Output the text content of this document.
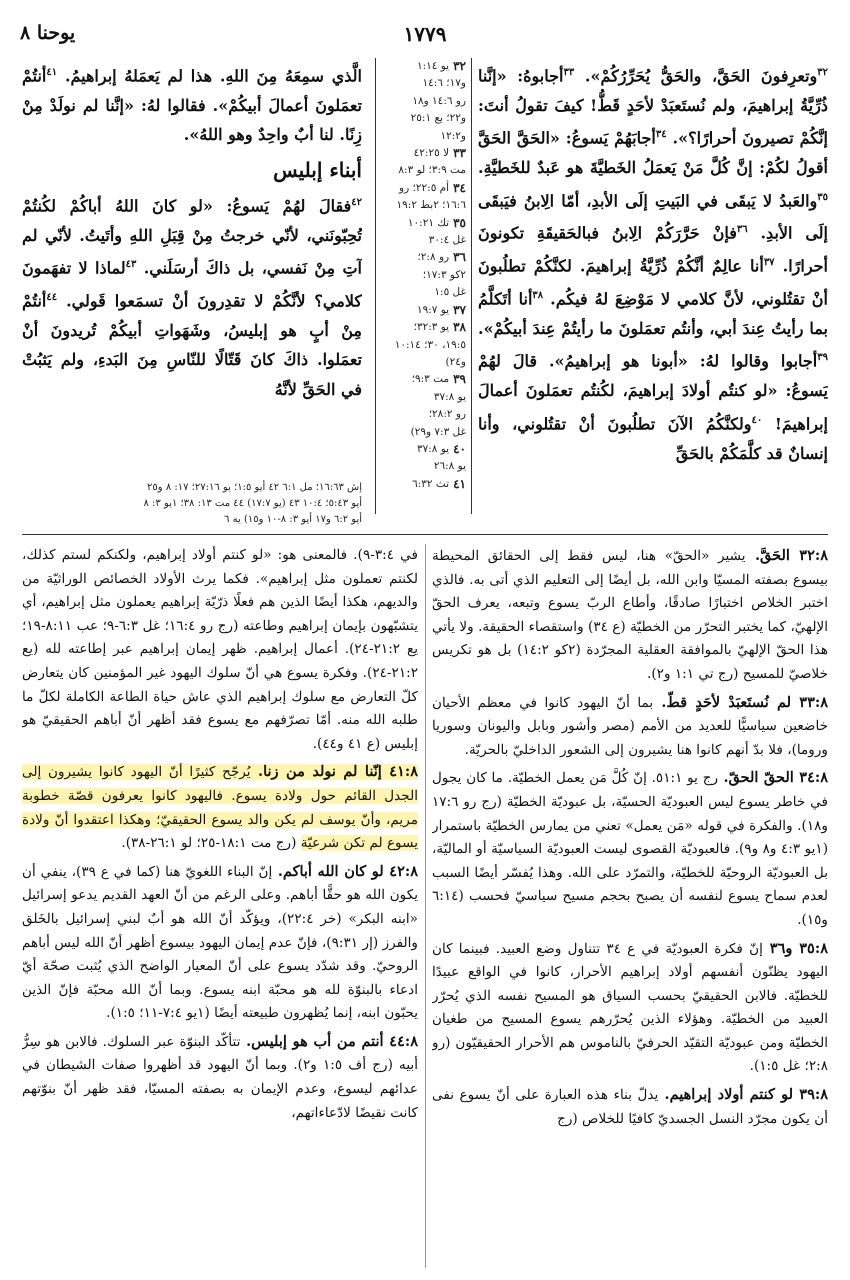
١٧٧٩
يوحنا ٨

$^{٣٢}$وتعرِفونَ الحَقَّ، والحَقُّ يُحَرِّرُكُمْ». $^{٣٣}$أجابوهُ: «إنَّنا ذُرِّيَّةُ إبراهيمَ، ولم نُستَعبَدْ لأحَدٍ قَطُّ! كيفَ تقولُ أنتَ: إنَّكُمْ تصيرونَ أحرارًا؟». $^{٣٤}$أجابَهُمْ يَسوعُ: «الحَقَّ الحَقَّ أقولُ لكُمْ: إنَّ كُلَّ مَنْ يَعمَلُ الخَطيَّةَ هو عَبدٌ للخَطيَّةِ. $^{٣٥}$والعَبدُ لا يَبقَى في البَيتِ إلَى الأبدِ، أمّا الِابنُ فيَبقَى إلَى الأبدِ. $^{٣٦}$فإنْ حَرَّرَكُمْ الِابنُ فبالحَقيقَةِ تكونونَ أحرارًا. $^{٣٧}$أنا عالِمٌ أنَّكُمْ ذُرِّيَّةُ إبراهيمَ. لكنَّكُمْ تطلُبونَ أنْ تقتُلوني، لأنَّ كلامي لا مَوْضِعَ لهُ فيكُم. $^{٣٨}$أنا أتَكلَّمُ بما رأيتُ عِندَ أبي، وأنتُم تعمَلونَ ما رأيتُمْ عِندَ أبيكُمْ». $^{٣٩}$أجابوا وقالوا لهُ: «أبونا هو إبراهيمُ». قالَ لهُمْ يَسوعُ: «لو كنتُم أولادَ إبراهيمَ، لكُنتُم تعمَلونَ أعمالَ إبراهيمَ! $^{٤٠}$ولكنَّكُمُ الآنَ تطلُبونَ أنْ تقتُلوني، وأنا إنسانٌ قد كلَّمَكُمْ بالحَقِّ

٣٢
يو ١:١٤
و١٧؛ ١٤:٦
رو ١٤:٦ و١٨
و٢٢؛ يع ٢٥:١
و١٢:٢
٣٣
لا ٤٢:٢٥
مت ٣:٩؛ لو ٨:٣
٣٤
أم ٢٢:٥؛ رو
١٦:٦؛ ٢بط ١٩:٢
٣٥
تك ١٠:٢١
غل ٣٠:٤
٣٦
رو ٢:٨؛
٢كو ١٧:٣؛
غل ١:٥
٣٧
يو ١٩:٧
٣٨
يو ٣٢:٣؛
١٩:٥، ٣٠؛ ١٠:١٤
و٢٤)
٣٩
مت ٩:٣؛
يو ٣٧:٨
رو ٢٨:٢؛
غل ٧:٣ و٢٩)
٤٠
يو ٣٧:٨
يو ٢٦:٨
٤١
تث ٦:٣٢

الَّذي سمِعَهُ مِنَ اللهِ. هذا لم يَعمَلهُ إبراهيمُ. $^{٤١}$أنتُمْ تعمَلونَ أعمالَ أبيكُمْ». فقالوا لهُ: «إنَّنا لم نولَدْ مِنْ زِنًا. لنا أبٌ واحِدٌ وهو اللهُ».

أبناء إبليس

$^{٤٢}$فقالَ لهُمْ يَسوعُ: «لو كانَ اللهُ أباكُمْ لكُنتُمْ تُحِبّونَني، لأنّي خرجتُ مِنْ قِبَلِ اللهِ وأتَيتُ. لأنّي لم آتِ مِنْ نَفسي، بل ذاكَ أرسَلَني. $^{٤٣}$لماذا لا تفهَمونَ كلامي؟ لأنَّكُمْ لا تقدِرونَ أنْ تسمَعوا قَولي. $^{٤٤}$أنتُمْ مِنْ أبٍ هو إبليسُ، وشَهَواتِ أبيكُمْ تُريدونَ أنْ تعمَلوا. ذاكَ كانَ قَتّالًا للنّاسِ مِنَ البَدءِ، ولم يَثبُتْ في الحَقِّ لأنَّهُ

إش ١٦:٦٣؛ مل ٦:١ ٤٢ أيو ١:٥؛ يو ٢٧:١٦؛ ١٧: ٨ و٢٥
أيو ٥:٤٣؛ ١٠:٤ ٤٣ (يو ١٧:٧) ٤٤ مت ١٣: ٣٨؛ ١يو ٣: ٨
أيو ٦:٢ و١٧ أيو ٣: ٨-١٠ و١٥) يه ٦

٣٢:٨ الحَقَّ. يشير «الحقّ» هنا، ليس فقط إلى الحقائق المحيطة بيسوع بصفته المسيّا وابن الله، بل أيضًا إلى التعليم الذي أتى به. فالذي اختبر الخلاص اختبارًا صادقًا، وأطاع الربّ يسوع وتبعه، يعرف الحقّ الإلهيّ، كما يختبر التحرّر من الخطيّة (ع ٣٤) واستقصاء الحقيقة. ولا يأتي هذا الحقّ الإلهيّ بالموافقة العقلية المجرّدة (٢كو ١٤:٢) بل هو تكريس خلاصيّ للمسيح (رج تي ١:١ و٢).

٣٣:٨ لم نُستَعبَدْ لأحَدٍ قطّ. بما أنّ اليهود كانوا في معظم الأحيان خاضعين سياسيًّا للعديد من الأمم (مصر وأشور وبابل واليونان وسوريا وروما)، فلا بدّ أنهم كانوا هنا يشيرون إلى الشعور الداخليّ بالحريّة.

٣٤:٨ الحقّ الحقّ. رج يو ٥١:١. إنّ كُلَّ مَن يعمل الخطيّة. ما كان يجول في خاطر يسوع ليس العبوديّة الحسيّة، بل عبوديّة الخطيّة (رج رو ١٧:٦ و١٨). والفكرة في قوله «مَن يعمل» تعني من يمارس الخطيّة باستمرار (١يو ٤:٣ و٨ و٩). فالعبوديّة القصوى ليست العبوديّة السياسيّة أو الماليّة، بل العبوديّة الروحيّة للخطيّة، والتمرّد على الله. وهذا يُفسّر أيضًا السبب لعدم سماح يسوع لنفسه أن يصبح بحجم مسيح سياسيّ فحسب (٦:١٤ و١٥).

٣٥:٨ و٣٦ إنّ فكرة العبوديّة في ع ٣٤ تتناول وضع العبيد. فبينما كان اليهود يظنّون أنفسهم أولاد إبراهيم الأحرار، كانوا في الواقع عبيدًا للخطيّة. فالابن الحقيقيّ بحسب السياق هو المسيح نفسه الذي يُحرّر العبيد من الخطيّة. وهؤلاء الذين يُحرّرهم يسوع المسيح من طغيان الخطيّة ومن عبوديّة التقيّد الحرفيّ بالناموس هم الأحرار الحقيقيّون (رو ٢:٨؛ غل ١:٥).

٣٩:٨ لو كنتم أولاد إبراهيم. يدلّ بناء هذه العبارة على أنّ يسوع نفى أن يكون مجرّد النسل الجسديّ كافيًا للخلاص (رج

في ٣:٤-٩). فالمعنى هو: «لو كنتم أولاد إبراهيم، ولكنكم لستم كذلك، لكنتم تعملون مثل إبراهيم». فكما يرث الأولاد الخصائص الوراثيّة من والديهم، هكذا أيضًا الذين هم فعلًا ذرّيّة إبراهيم يعملون مثل إبراهيم، أي يتشبّهون بإيمان إبراهيم وطاعته (رج رو ١٦:٤؛ غل ٦:٣-٩؛ عب ٨:١١-١٩؛ يع ٢١:٢-٢٤). أعمال إبراهيم. ظهر إيمان إبراهيم عبر إطاعته لله (يع ٢١:٢-٢٤). وفكرة يسوع هي أنّ سلوك اليهود غير المؤمنين كان يتعارض كلّ التعارض مع سلوك إبراهيم الذي عاش حياة الطاعة الكاملة لكلّ ما طلبه الله منه. أمّا تصرّفهم مع يسوع فقد أظهر أنّ أباهم الحقيقيّ هو إبليس (ع ٤١ و٤٤).

٤١:٨ إنّنا لم نولد من زنا. يُرجّح كثيرًا أنّ اليهود كانوا يشيرون إلى الجدل القائم حول ولادة يسوع. فاليهود كانوا يعرفون قصّة خطوبة مريم، وأنّ يوسف لم يكن والد يسوع الحقيقيّ؛ وهكذا اعتقدوا أنّ ولادة يسوع لم تكن شرعيّة (رج مت ١٨:١-٢٥؛ لو ٢٦:١-٣٨).

٤٢:٨ لو كان الله أباكم. إنّ البناء اللغويّ هنا (كما في ع ٣٩)، ينفي أن يكون الله هو حقًّا أباهم. وعلى الرغم من أنّ العهد القديم يدعو إسرائيل «ابنه البكر» (خر ٢٢:٤)، ويؤكّد أنّ الله هو أبٌ لبني إسرائيل بالخَلق والفرز (إر ٩:٣١)، فإنّ عدم إيمان اليهود بيسوع أظهر أنّ الله ليس أباهم الروحيّ. وقد شدّد يسوع على أنّ المعيار الواضح الذي يُثبت صحّة أيّ ادعاء بالبنوّة لله هو محبّة ابنه يسوع. وبما أنّ الله محبّة فإنّ الذين يحبّون ابنه، إنما يُظهرون طبيعته أيضًا (١يو ٧:٤-١١؛ ١:٥).

٤٤:٨ أنتم من أب هو إبليس. تتأكّد البنوّة عبر السلوك. فالابن هو سِرُّ أبيه (رج أف ١:٥ و٢). وبما أنّ اليهود قد أظهروا صفات الشيطان في عدائهم ليسوع، وعدم الإيمان به بصفته المسيّا، فقد ظهر أنّ بنوّتهم كانت نقيضًا لادّعاءاتهم،
